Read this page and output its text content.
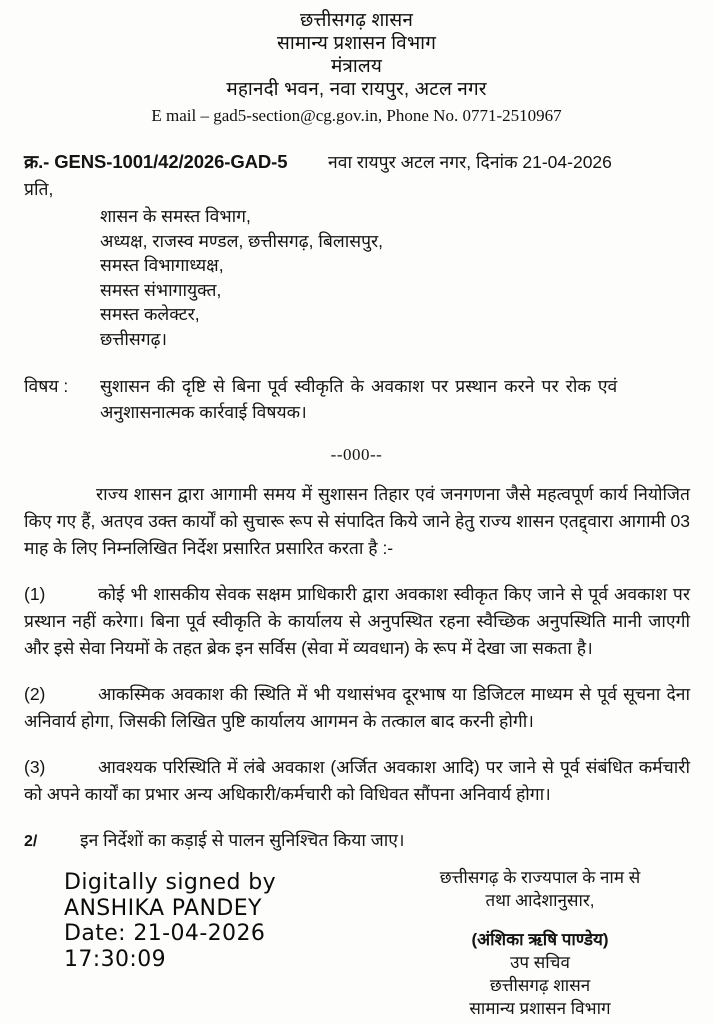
छत्तीसगढ़ शासन
सामान्य प्रशासन विभाग
मंत्रालय
महानदी भवन, नवा रायपुर, अटल नगर
E mail – gad5-section@cg.gov.in, Phone No. 0771-2510967
क्र.- GENS-1001/42/2026-GAD-5 नवा रायपुर अटल नगर, दिनांक 21-04-2026
प्रति,
शासन के समस्त विभाग,
अध्यक्ष, राजस्व मण्डल, छत्तीसगढ़, बिलासपुर,
समस्त विभागाध्यक्ष,
समस्त संभागायुक्त,
समस्त कलेक्टर,
छत्तीसगढ़।
विषय : सुशासन की दृष्टि से बिना पूर्व स्वीकृति के अवकाश पर प्रस्थान करने पर रोक एवं
अनुशासनात्मक कार्रवाई विषयक।
--000--
राज्य शासन द्वारा आगामी समय में सुशासन तिहार एवं जनगणना जैसे महत्वपूर्ण कार्य नियोजित किए गए हैं, अतएव उक्त कार्यों को सुचारू रूप से संपादित किये जाने हेतु राज्य शासन एतद्द्वारा आगामी 03 माह के लिए निम्नलिखित निर्देश प्रसारित प्रसारित करता है :-
(1)	कोई भी शासकीय सेवक सक्षम प्राधिकारी द्वारा अवकाश स्वीकृत किए जाने से पूर्व अवकाश पर प्रस्थान नहीं करेगा। बिना पूर्व स्वीकृति के कार्यालय से अनुपस्थित रहना स्वैच्छिक अनुपस्थिति मानी जाएगी और इसे सेवा नियमों के तहत ब्रेक इन सर्विस (सेवा में व्यवधान) के रूप में देखा जा सकता है।
(2)	आकस्मिक अवकाश की स्थिति में भी यथासंभव दूरभाष या डिजिटल माध्यम से पूर्व सूचना देना अनिवार्य होगा, जिसकी लिखित पुष्टि कार्यालय आगमन के तत्काल बाद करनी होगी।
(3)	आवश्यक परिस्थिति में लंबे अवकाश (अर्जित अवकाश आदि) पर जाने से पूर्व संबंधित कर्मचारी को अपने कार्यों का प्रभार अन्य अधिकारी/कर्मचारी को विधिवत सौंपना अनिवार्य होगा।
2/ इन निर्देशों का कड़ाई से पालन सुनिश्चित किया जाए।
Digitally signed by
ANSHIKA PANDEY
Date: 21-04-2026
17:30:09
छत्तीसगढ़ के राज्यपाल के नाम से
तथा आदेशानुसार,
(अंशिका ऋषि पाण्डेय)
उप सचिव
छत्तीसगढ़ शासन
सामान्य प्रशासन विभाग
